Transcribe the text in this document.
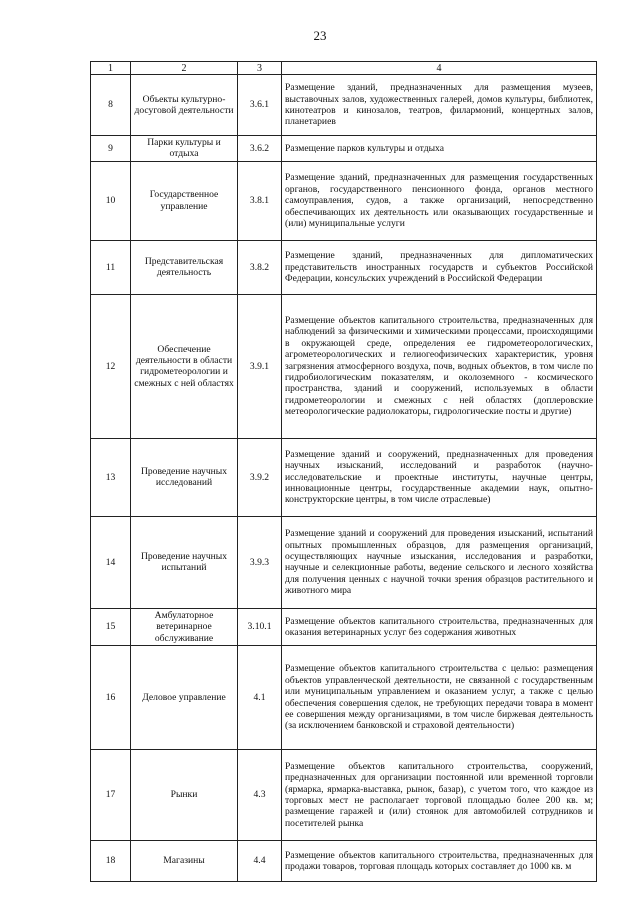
23
1	2	3	4
8	Объекты культурно-досуговой деятельности	3.6.1	Размещение зданий, предназначенных для размещения музеев, выставочных залов, художественных галерей, домов культуры, библиотек, кинотеатров и кинозалов, театров, филармоний, концертных залов, планетариев
9	Парки культуры и отдыха	3.6.2	Размещение парков культуры и отдыха
10	Государственное управление	3.8.1	Размещение зданий, предназначенных для размещения государственных органов, государственного пенсионного фонда, органов местного самоуправления, судов, а также организаций, непосредственно обеспечивающих их деятельность или оказывающих государственные и (или) муниципальные услуги
11	Представительская деятельность	3.8.2	Размещение зданий, предназначенных для дипломатических представительств иностранных государств и субъектов Российской Федерации, консульских учреждений в Российской Федерации
12	Обеспечение деятельности в области гидрометеорологии и смежных с ней областях	3.9.1	Размещение объектов капитального строительства, предназначенных для наблюдений за физическими и химическими процессами, происходящими в окружающей среде, определения ее гидрометеорологических, агрометеорологических и гелиогеофизических характеристик, уровня загрязнения атмосферного воздуха, почв, водных объектов, в том числе по гидробиологическим показателям, и околоземного - космического пространства, зданий и сооружений, используемых в области гидрометеорологии и смежных с ней областях (доплеровские метеорологические радиолокаторы, гидрологические посты и другие)
13	Проведение научных исследований	3.9.2	Размещение зданий и сооружений, предназначенных для проведения научных изысканий, исследований и разработок (научно-исследовательские и проектные институты, научные центры, инновационные центры, государственные академии наук, опытно-конструкторские центры, в том числе отраслевые)
14	Проведение научных испытаний	3.9.3	Размещение зданий и сооружений для проведения изысканий, испытаний опытных промышленных образцов, для размещения организаций, осуществляющих научные изыскания, исследования и разработки, научные и селекционные работы, ведение сельского и лесного хозяйства для получения ценных с научной точки зрения образцов растительного и животного мира
15	Амбулаторное ветеринарное обслуживание	3.10.1	Размещение объектов капитального строительства, предназначенных для оказания ветеринарных услуг без содержания животных
16	Деловое управление	4.1	Размещение объектов капитального строительства с целью: размещения объектов управленческой деятельности, не связанной с государственным или муниципальным управлением и оказанием услуг, а также с целью обеспечения совершения сделок, не требующих передачи товара в момент ее совершения между организациями, в том числе биржевая деятельность (за исключением банковской и страховой деятельности)
17	Рынки	4.3	Размещение объектов капитального строительства, сооружений, предназначенных для организации постоянной или временной торговли (ярмарка, ярмарка-выставка, рынок, базар), с учетом того, что каждое из торговых мест не располагает торговой площадью более 200 кв. м; размещение гаражей и (или) стоянок для автомобилей сотрудников и посетителей рынка
18	Магазины	4.4	Размещение объектов капитального строительства, предназначенных для продажи товаров, торговая площадь которых составляет до 1000 кв. м
